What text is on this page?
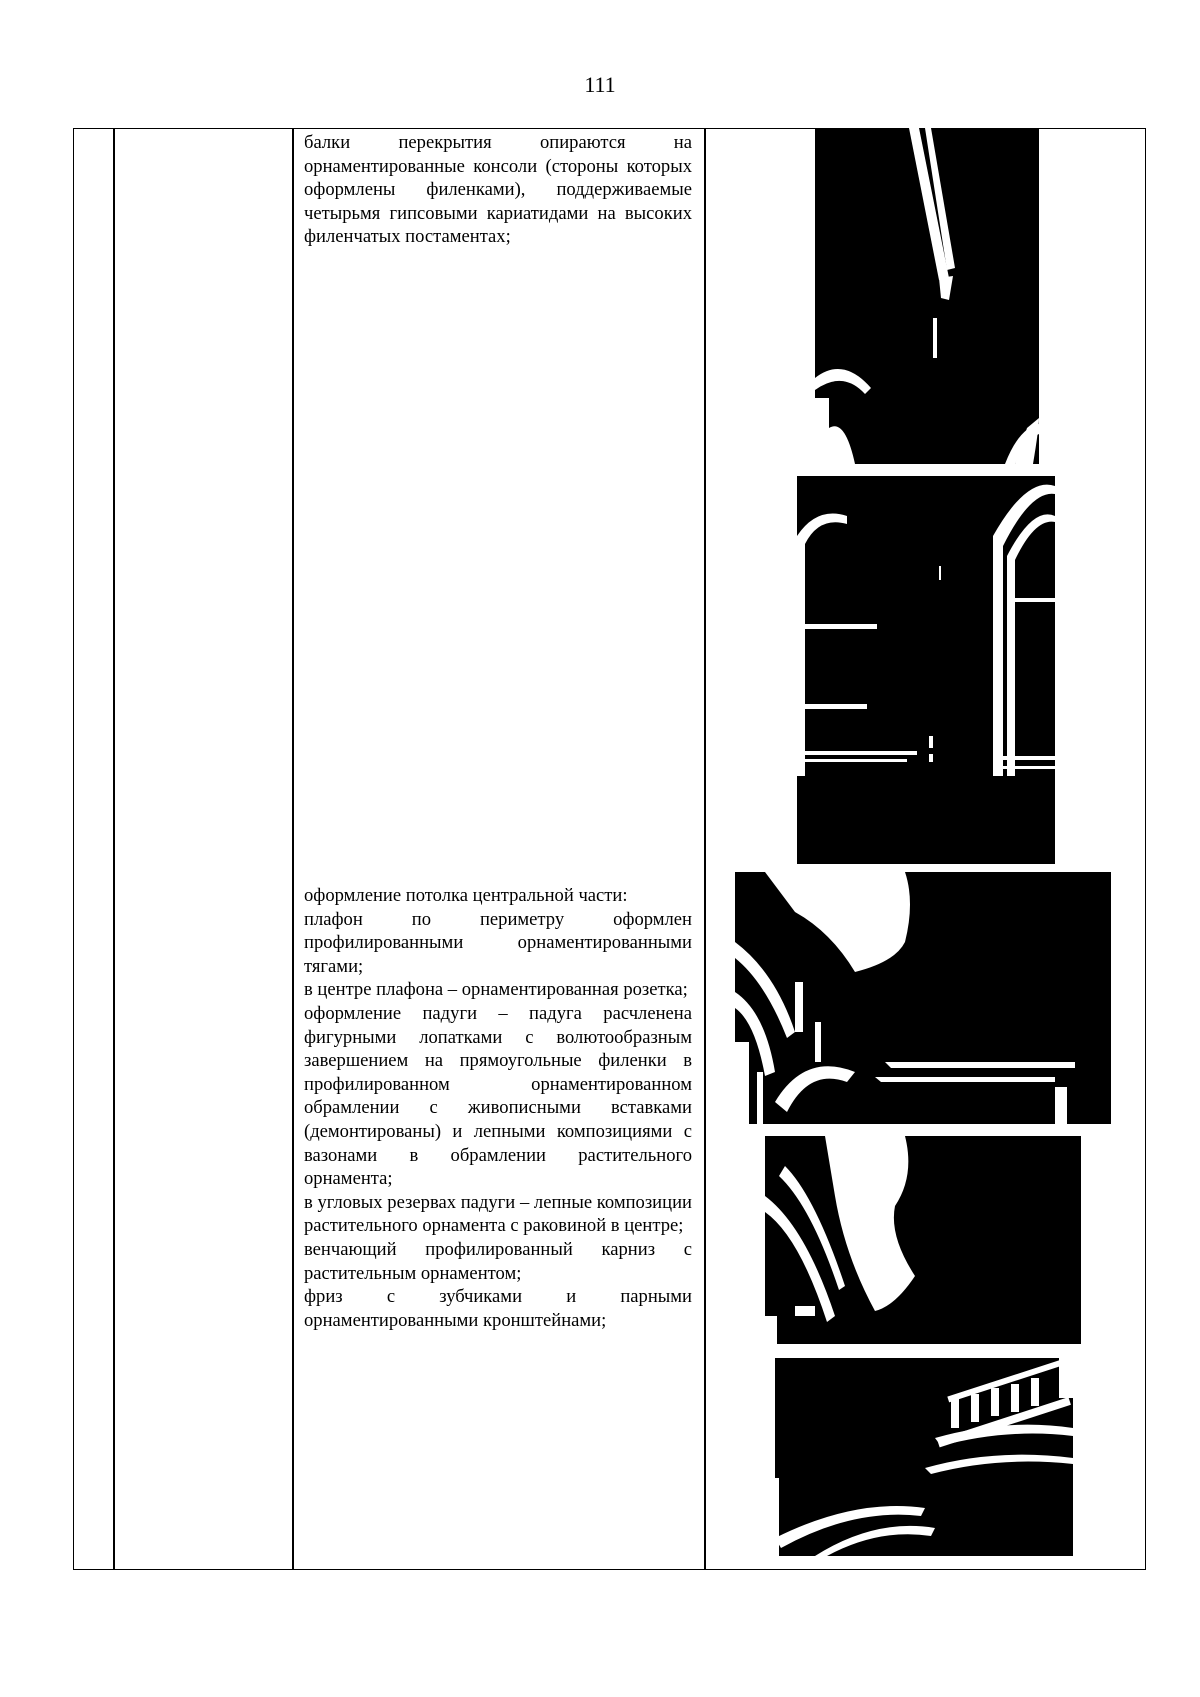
111

балки перекрытия опираются на орнаментированные консоли (стороны которых оформлены филенками), поддерживаемые четырьмя гипсовыми кариатидами на высоких филенчатых постаментах;

оформление потолка центральной части:

плафон по периметру оформлен профилированными орнаментированными тягами;

в центре плафона – орнаментированная розетка;

оформление падуги – падуга расчленена фигурными лопатками с волютообразным завершением на прямоугольные филенки в профилированном орнаментированном обрамлении с живописными вставками (демонтированы) и лепными композициями с вазонами в обрамлении растительного орнамента;

в угловых резервах падуги – лепные композиции растительного орнамента с раковиной в центре;

венчающий профилированный карниз с растительным орнаментом;

фриз с зубчиками и парными орнаментированными кронштейнами;
